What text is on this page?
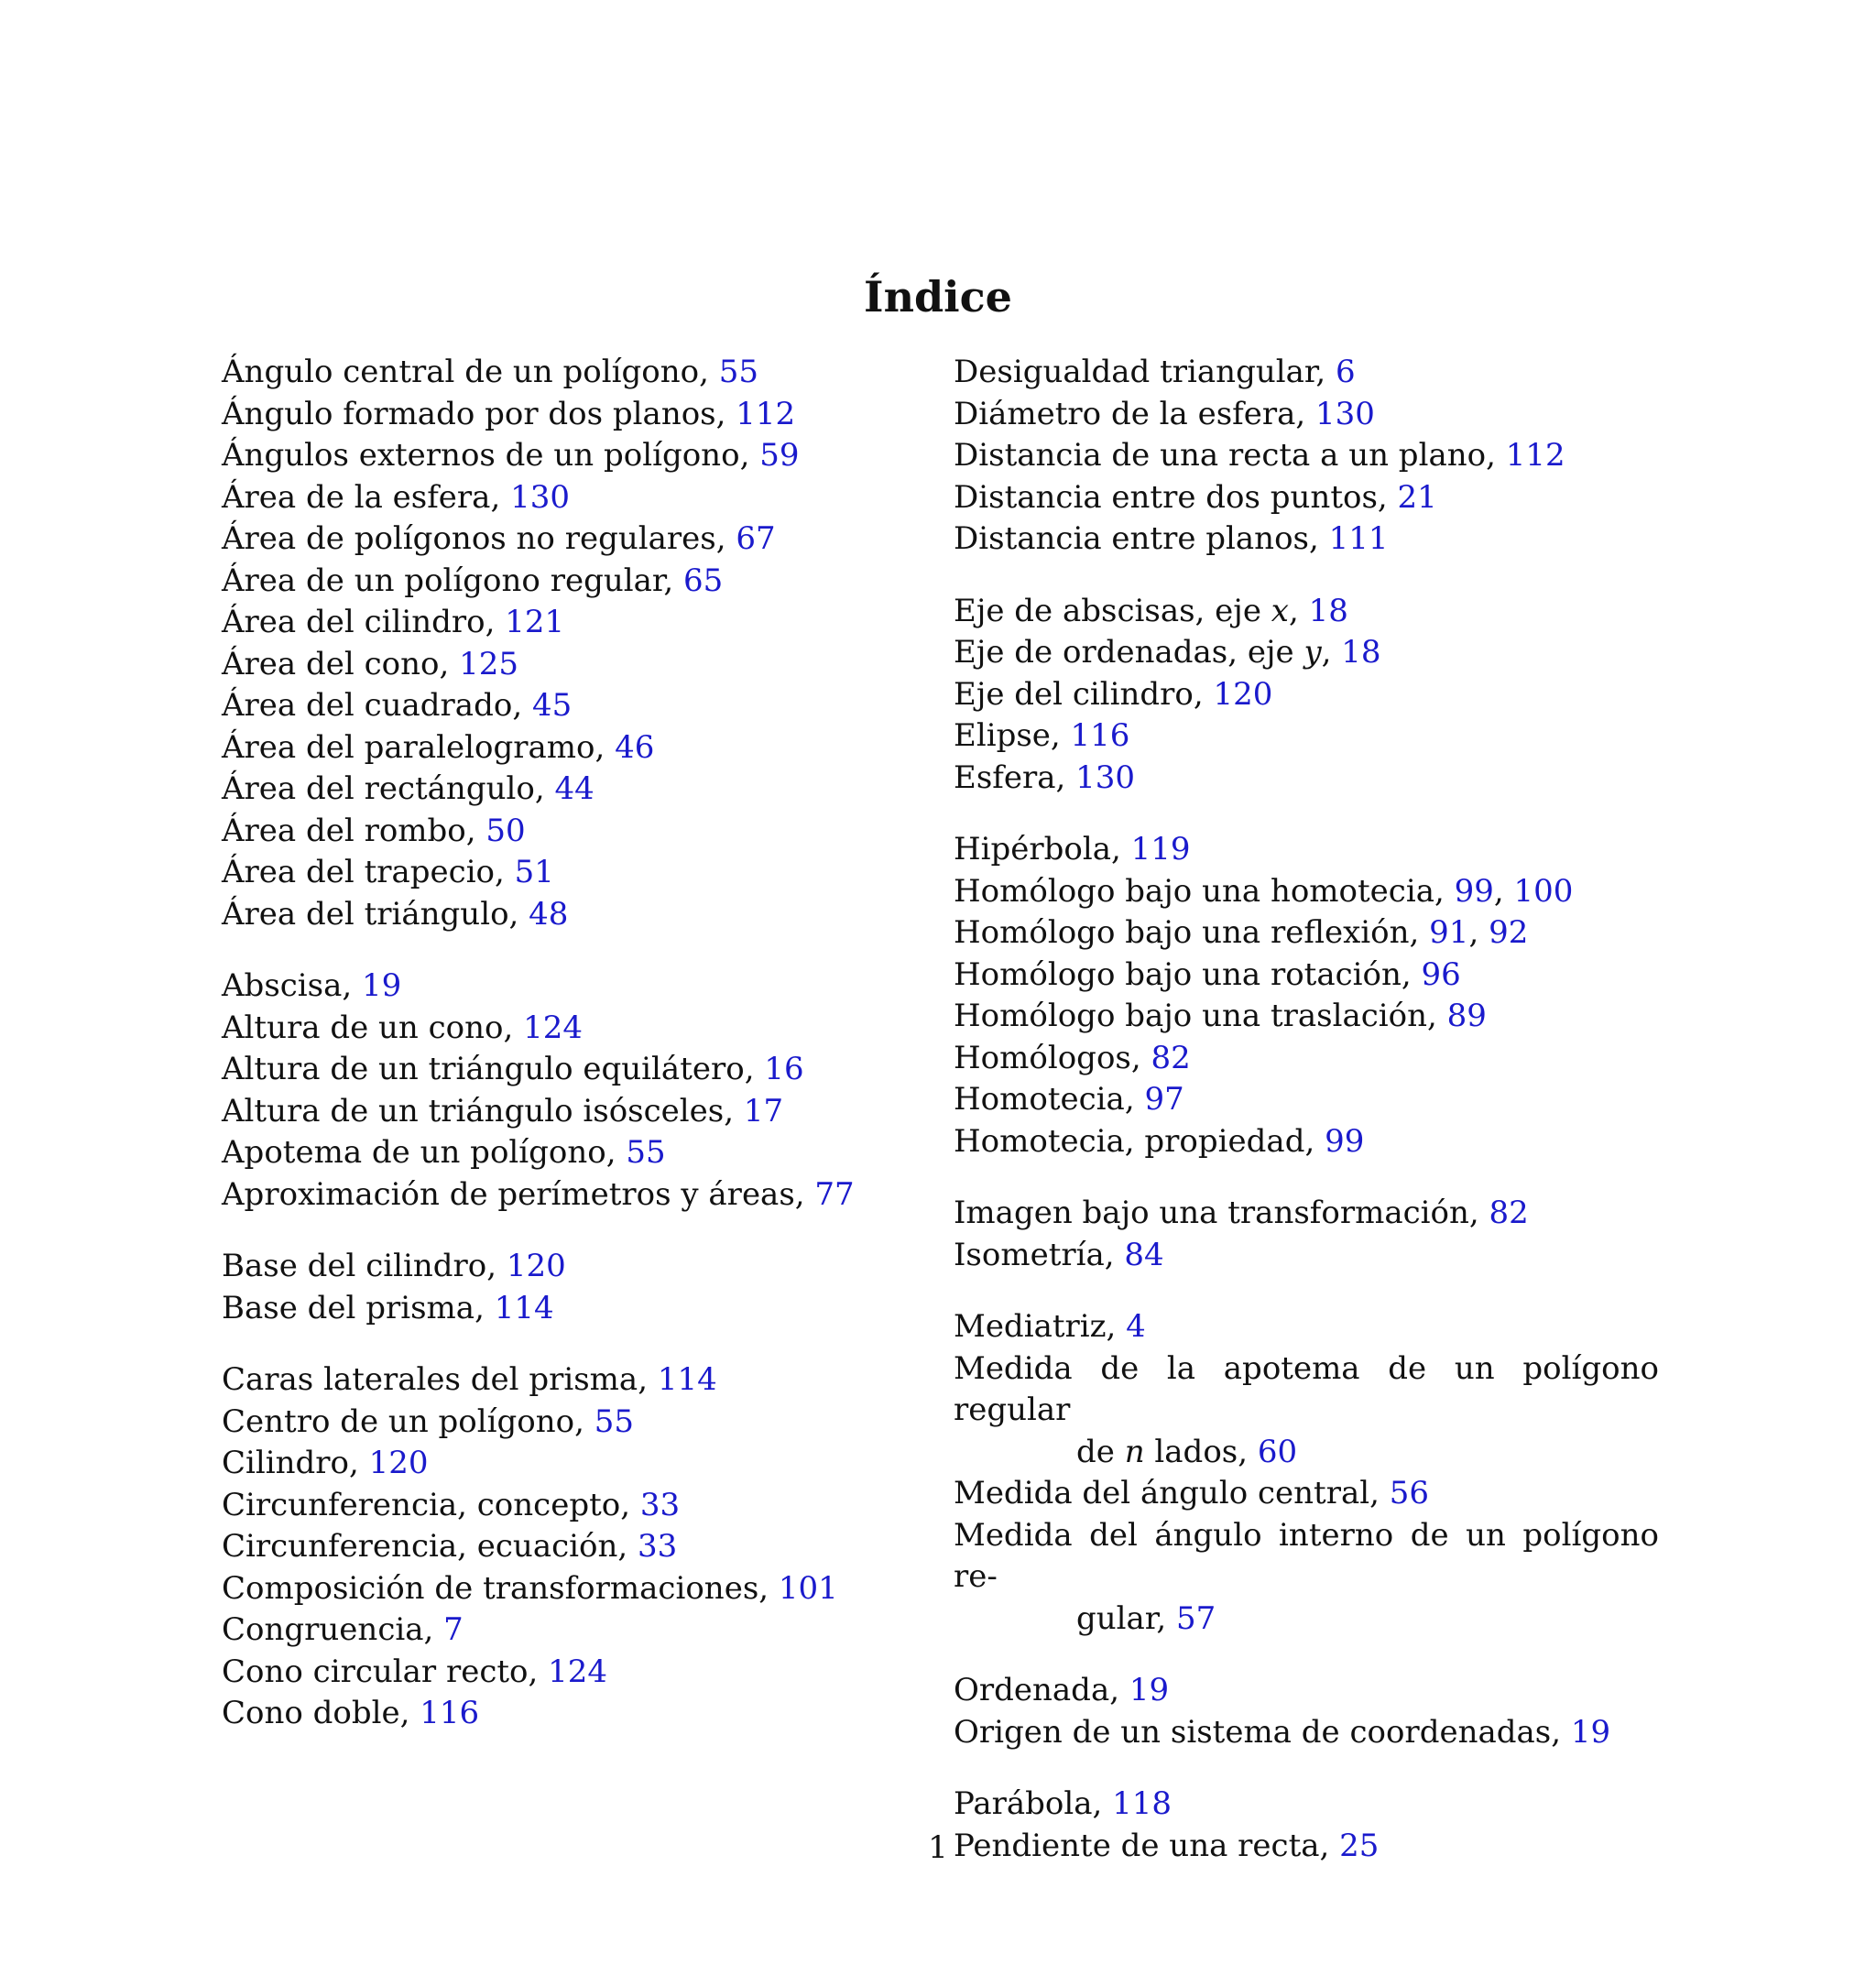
Índice
Ángulo central de un polígono, 55
Ángulo formado por dos planos, 112
Ángulos externos de un polígono, 59
Área de la esfera, 130
Área de polígonos no regulares, 67
Área de un polígono regular, 65
Área del cilindro, 121
Área del cono, 125
Área del cuadrado, 45
Área del paralelogramo, 46
Área del rectángulo, 44
Área del rombo, 50
Área del trapecio, 51
Área del triángulo, 48
Abscisa, 19
Altura de un cono, 124
Altura de un triángulo equilátero, 16
Altura de un triángulo isósceles, 17
Apotema de un polígono, 55
Aproximación de perímetros y áreas, 77
Base del cilindro, 120
Base del prisma, 114
Caras laterales del prisma, 114
Centro de un polígono, 55
Cilindro, 120
Circunferencia, concepto, 33
Circunferencia, ecuación, 33
Composición de transformaciones, 101
Congruencia, 7
Cono circular recto, 124
Cono doble, 116
Desigualdad triangular, 6
Diámetro de la esfera, 130
Distancia de una recta a un plano, 112
Distancia entre dos puntos, 21
Distancia entre planos, 111
Eje de abscisas, eje x, 18
Eje de ordenadas, eje y, 18
Eje del cilindro, 120
Elipse, 116
Esfera, 130
Hipérbola, 119
Homólogo bajo una homotecia, 99, 100
Homólogo bajo una reflexión, 91, 92
Homólogo bajo una rotación, 96
Homólogo bajo una traslación, 89
Homólogos, 82
Homotecia, 97
Homotecia, propiedad, 99
Imagen bajo una transformación, 82
Isometría, 84
Mediatriz, 4
Medida de la apotema de un polígono regular
de n lados, 60
Medida del ángulo central, 56
Medida del ángulo interno de un polígono re-
gular, 57
Ordenada, 19
Origen de un sistema de coordenadas, 19
Parábola, 118
Pendiente de una recta, 25
1
